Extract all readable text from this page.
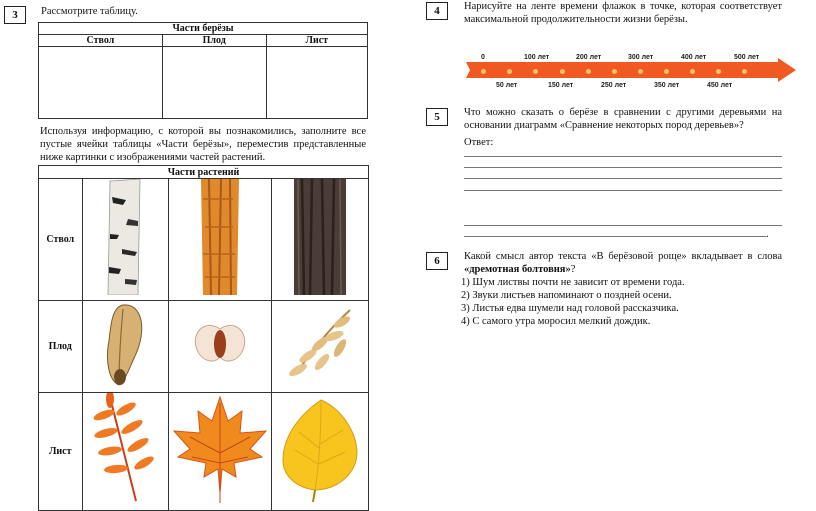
3	Рассмотрите таблицу.
Части берёзы		
Ствол	Плод	Лист

Используя информацию, с которой вы познакомились, заполните все пустые ячейки таблицы «Части берёзы», переместив представленные ниже картинки с изображениями частей растений.
Части растений			
Ствол			
Плод			
Лист			
4	Нарисуйте на ленте времени флажок в точке, которая соответствует максимальной продолжительности жизни берёзы.
0	100 лет	200 лет	300 лет	400 лет	500 лет
50 лет	150 лет	250 лет	350 лет	450 лет
5	Что можно сказать о берёзе в сравнении с другими деревьями на основании диаграмм «Сравнение некоторых пород деревьев»?
Ответ:
.
6	Какой смысл автор текста «В берёзовой роще» вкладывает в слова «дремотная болтовня»?
1) Шум листвы почти не зависит от времени года.
2) Звуки листьев напоминают о поздней осени.
3) Листья едва шумели над головой рассказчика.
4) С самого утра моросил мелкий дождик.
